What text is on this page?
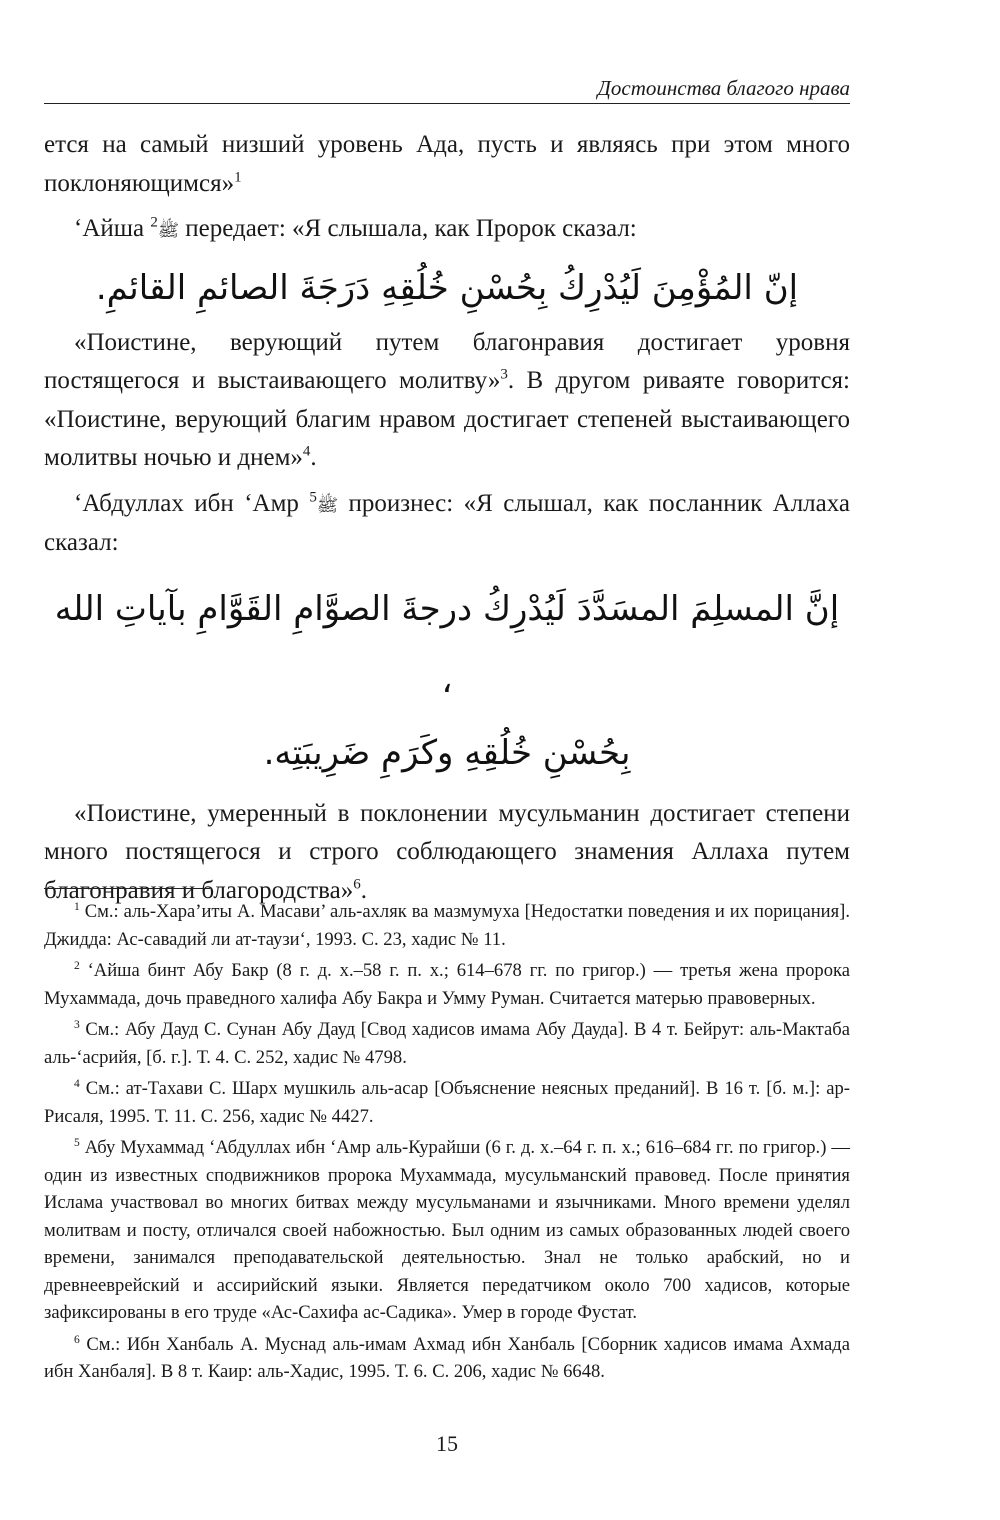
Достоинства благого нрава

ется на самый низший уровень Ада, пусть и являясь при этом много поклоняющимся»$^1$

‘Айша ﷺ$^2$ передает: «Я слышала, как Пророк сказал:

إنّ المُؤْمِنَ لَيُدْرِكُ بِحُسْنِ خُلُقِهِ دَرَجَةَ الصائمِ القائمِ.

«Поистине, верующий путем благонравия достигает уровня постящегося и выстаивающего молитву»$^3$. В другом риваяте говорится: «Поистине, верующий благим нравом достигает степеней выстаивающего молитвы ночью и днем»$^4$.

‘Абдуллах ибн ‘Амр ﷺ$^5$ произнес: «Я слышал, как посланник Аллаха сказал:

إنَّ المسلِمَ المسَدَّدَ لَيُدْرِكُ درجةَ الصوَّامِ القَوَّامِ بآياتِ الله ،
بِحُسْنِ خُلُقِهِ وكَرَمِ ضَرِيبَتِه.

«Поистине, умеренный в поклонении мусульманин достигает степени много постящегося и строго соблюдающего знамения Аллаха путем благонравия и благородства»$^6$.

$^1$ См.: аль-Хара’иты А. Масави’ аль-ахляк ва мазмумуха [Недостатки поведения и их порицания]. Джидда: Ас-савадий ли ат-таузи‘, 1993. С. 23, хадис № 11.

$^2$ ‘Айша бинт Абу Бакр (8 г. д. х.–58 г. п. х.; 614–678 гг. по григор.) — третья жена пророка Мухаммада, дочь праведного халифа Абу Бакра и Умму Руман. Считается матерью правоверных.

$^3$ См.: Абу Дауд С. Сунан Абу Дауд [Свод хадисов имама Абу Дауда]. В 4 т. Бейрут: аль-Мактаба аль-‘асрийя, [б. г.]. Т. 4. С. 252, хадис № 4798.

$^4$ См.: ат-Тахави С. Шарх мушкиль аль-асар [Объяснение неясных преданий]. В 16 т. [б. м.]: ар-Рисаля, 1995. Т. 11. С. 256, хадис № 4427.

$^5$ Абу Мухаммад ‘Абдуллах ибн ‘Амр аль-Курайши (6 г. д. х.–64 г. п. х.; 616–684 гг. по григор.) — один из известных сподвижников пророка Мухаммада, мусульманский правовед. После принятия Ислама участвовал во многих битвах между мусульманами и язычниками. Много времени уделял молитвам и посту, отличался своей набожностью. Был одним из самых образованных людей своего времени, занимался преподавательской деятельностью. Знал не только арабский, но и древнееврейский и ассирийский языки. Является передатчиком около 700 хадисов, которые зафиксированы в его труде «Ас-Сахифа ас-Садика». Умер в городе Фустат.

$^6$ См.: Ибн Ханбаль А. Муснад аль-имам Ахмад ибн Ханбаль [Сборник хадисов имама Ахмада ибн Ханбаля]. В 8 т. Каир: аль-Хадис, 1995. Т. 6. С. 206, хадис № 6648.

15
